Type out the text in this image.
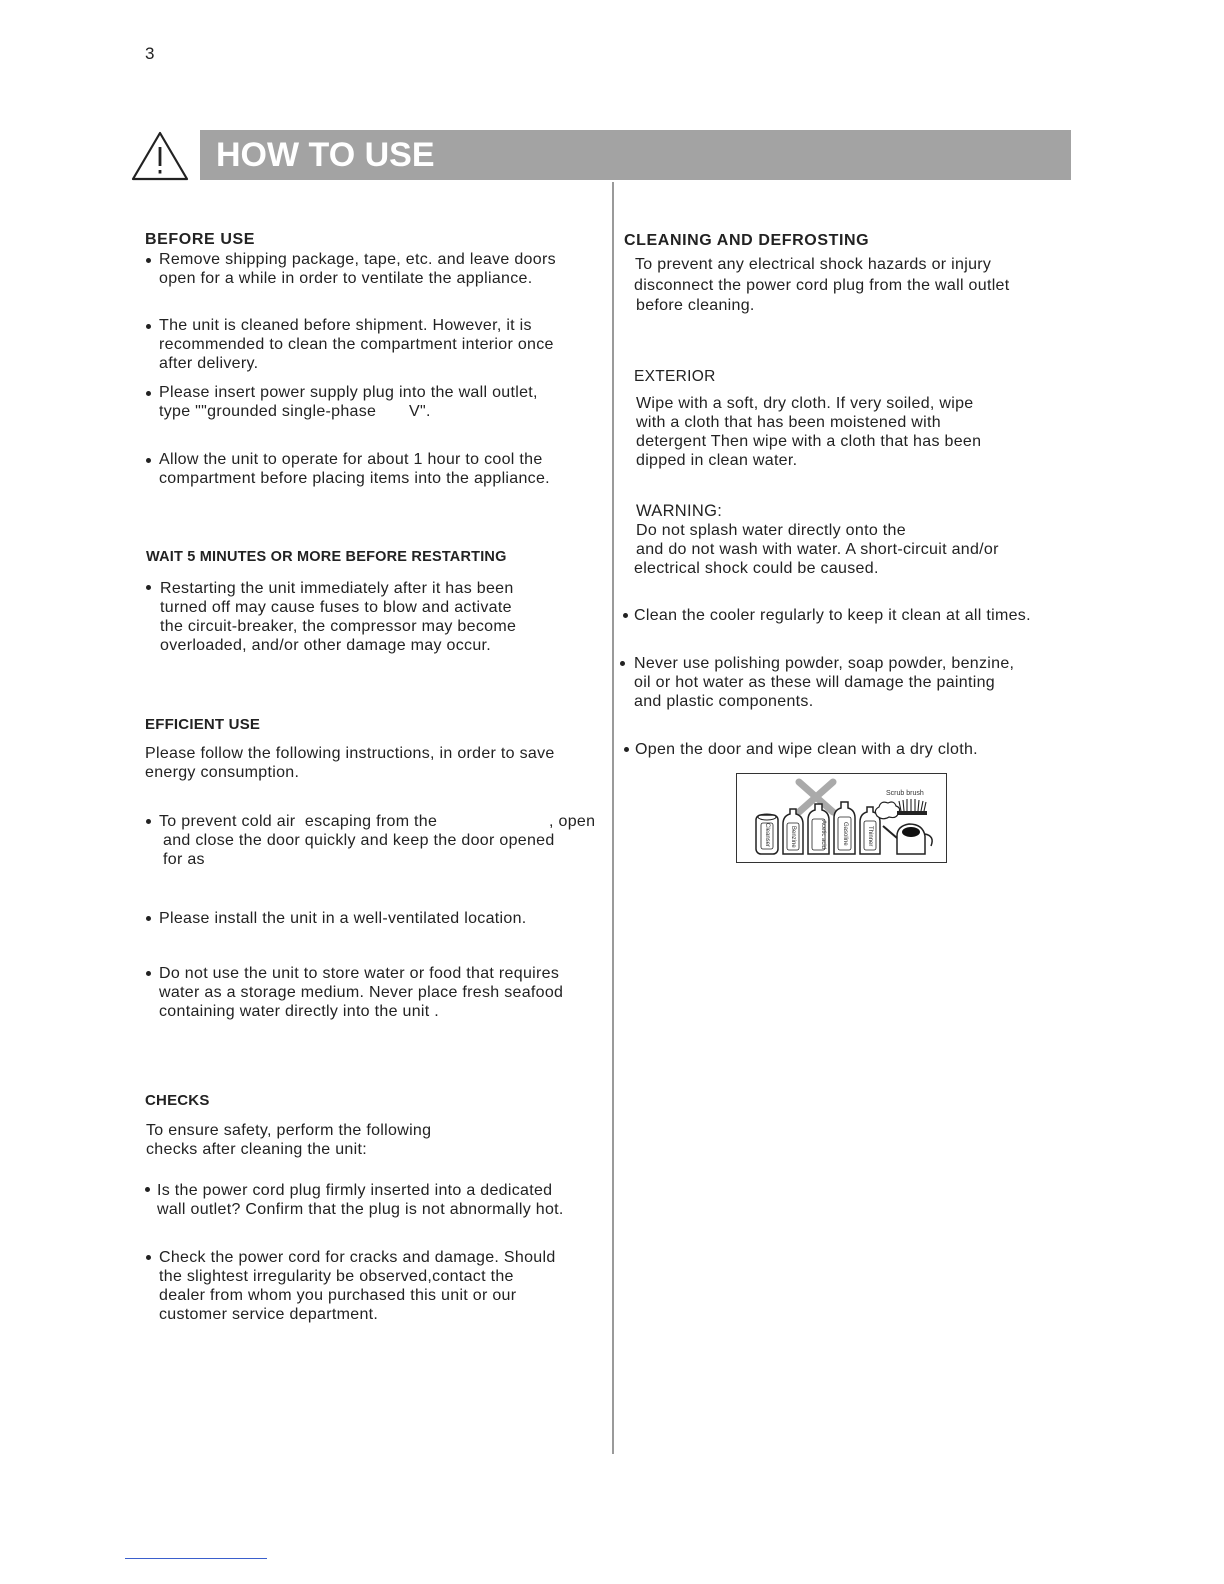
3
HOW TO USE
BEFORE USE
Remove shipping package, tape, etc. and leave doors
open for a while in order to ventilate the appliance.
The unit is cleaned before shipment. However, it is
recommended to clean the compartment interior once
after delivery.
Please insert power supply plug into the wall outlet,
type ""grounded single-phase V".
Allow the unit to operate for about 1 hour to cool the
compartment before placing items into the appliance.
WAIT 5 MINUTES OR MORE BEFORE RESTARTING
Restarting the unit immediately after it has been
turned off may cause fuses to blow and activate
the circuit-breaker, the compressor may become
overloaded, and/or other damage may occur.
EFFICIENT USE
Please follow the following instructions, in order to save
energy consumption.
To prevent cold air  escaping from the	, open
and close the door quickly and keep the door opened
for as
Please install the unit in a well-ventilated location.
Do not use the unit to store water or food that requires
water as a storage medium. Never place fresh seafood
containing water directly into the unit .
CHECKS
To ensure safety, perform the following
checks after cleaning the unit:
Is the power cord plug firmly inserted into a dedicated
wall outlet? Confirm that the plug is not abnormally hot.
Check the power cord for cracks and damage. Should
the slightest irregularity be observed,contact the
dealer from whom you purchased this unit or our
customer service department.
CLEANING AND DEFROSTING
To prevent any electrical shock hazards or injury
disconnect the power cord plug from the wall outlet
before cleaning.
EXTERIOR
Wipe with a soft, dry cloth. If very soiled, wipe
with a cloth that has been moistened with
detergent Then wipe with a cloth that has been
dipped in clean water.
WARNING:
Do not splash water directly onto the
and do not wash with water. A short-circuit and/or
electrical shock could be caused.
Clean the cooler regularly to keep it clean at all times.
Never use polishing powder, soap powder, benzine,
oil or hot water as these will damage the painting
and plastic components.
Open the door and wipe clean with a dry cloth.
Scrub brush
Cleanser	Benzine	Acetic acid	Gasoline	Thinner
